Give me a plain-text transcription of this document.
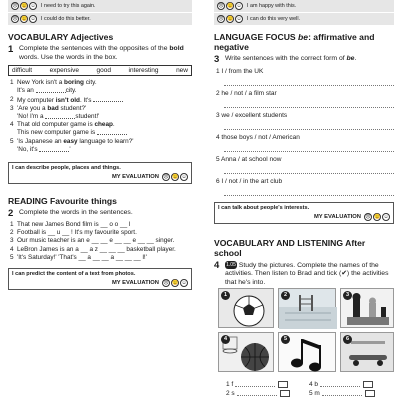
☹ 😐 ☺ I need to try this again.
☹ 😐 ☺ I could do this better.
VOCABULARY Adjectives
1 Complete the sentences with the opposites of the bold words. Use the words in the box.
difficult	expensive	good	interesting	new
1 New York isn't a boring city.
It's an
	city.
2 My computer isn't old. It's
3 'Are you a bad student?'
'No! I'm a
	student!'
4 That old computer game is cheap.
This new computer game is

5 'Is Japanese an easy language to learn?'
'No, it's
	'
I can describe people, places and things.
MY EVALUATION ☹ 😐 ☺
READING Favourite things
2 Complete the words in the sentences.
1 That new James Bond film is __ o o __ l
2 Football is __ u __ ! It's my favourite sport.
3 Our music teacher is an e __ __ e __ __ e __ __ singer.
4 LeBron James is an a __ a z __ __ __ basketball player.
5 'It's Saturday!' 'That's __ a __ __ a __ __ __ l!'
I can predict the content of a text from photos.
MY EVALUATION ☹ 😐 ☺
☹ 😐 ☺ I am happy with this.
☹ 😐 ☺ I can do this very well.
LANGUAGE FOCUS be: affirmative and negative
3 Write sentences with the correct form of be.
1 I / from the UK
2 he / not / a film star
3 we / excellent students
4 those boys / not / American
5 Anna / at school now
6 I / not / in the art club
I can talk about people's interests.
MY EVALUATION ☹ 😐 ☺
VOCABULARY AND LISTENING After school
4	1.05 Study the pictures. Complete the names of the activities. Then listen to Brad and tick (✔) the activities that he's into.
1	2	3
4	5	6
1 f	4 b
2 s	5 m
